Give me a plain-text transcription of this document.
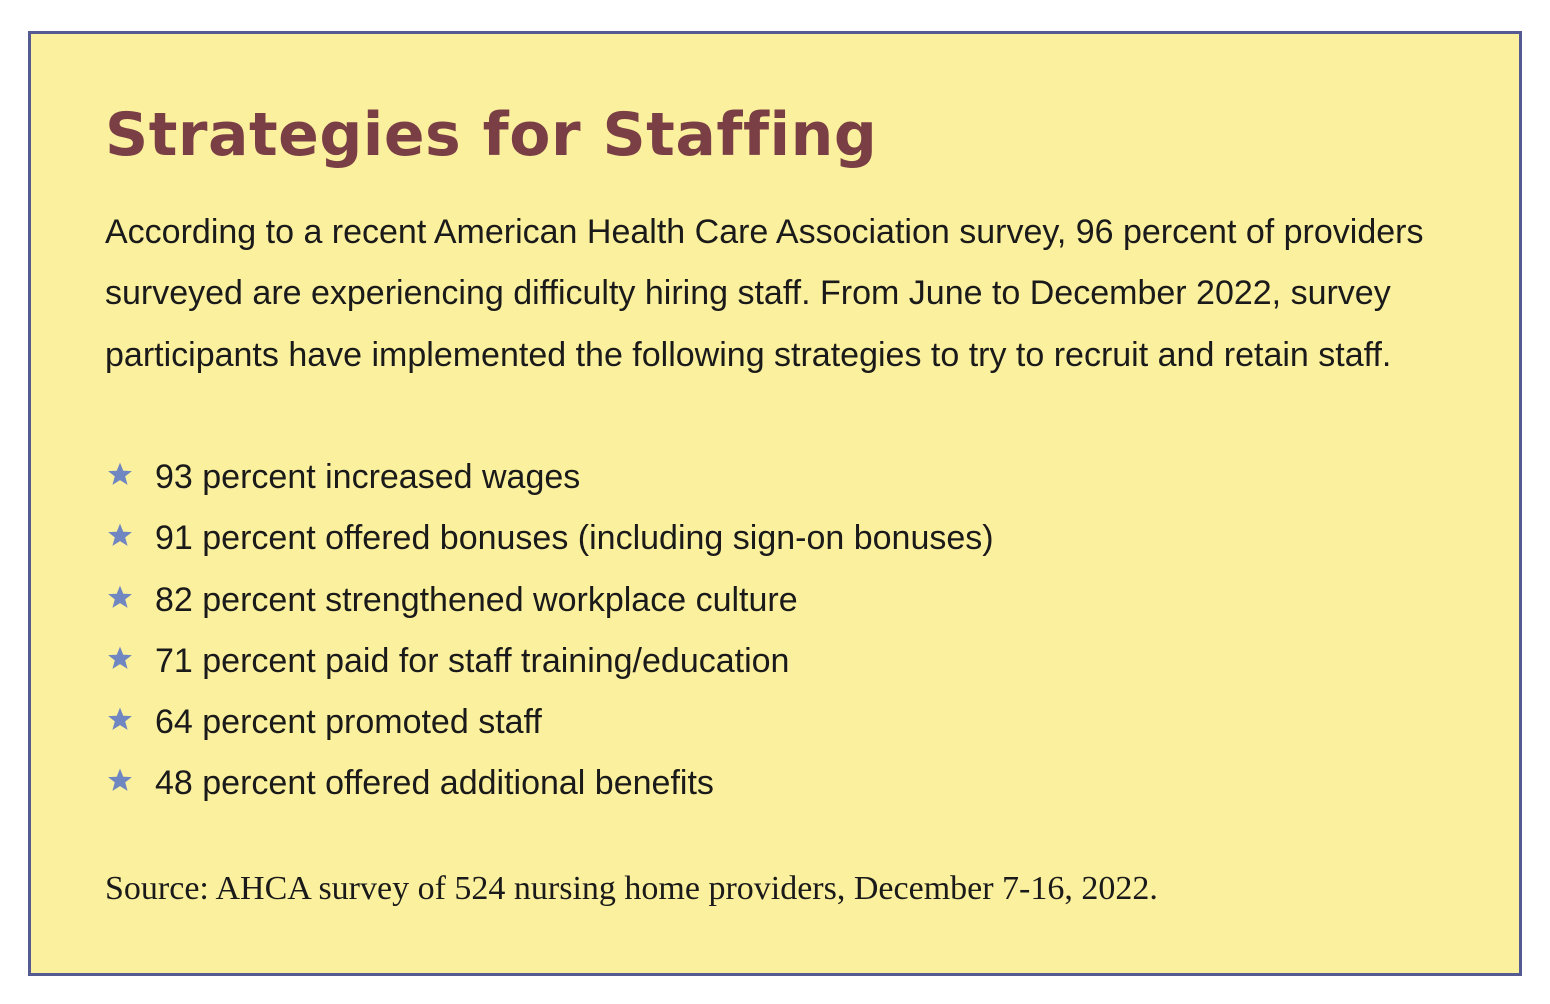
Strategies for Staffing

According to a recent American Health Care Association survey, 96 percent of providers surveyed are experiencing difficulty hiring staff. From June to December 2022, survey participants have implemented the following strategies to try to recruit and retain staff.

93 percent increased wages
91 percent offered bonuses (including sign-on bonuses)
82 percent strengthened workplace culture
71 percent paid for staff training/education
64 percent promoted staff
48 percent offered additional benefits

Source: AHCA survey of 524 nursing home providers, December 7-16, 2022.
